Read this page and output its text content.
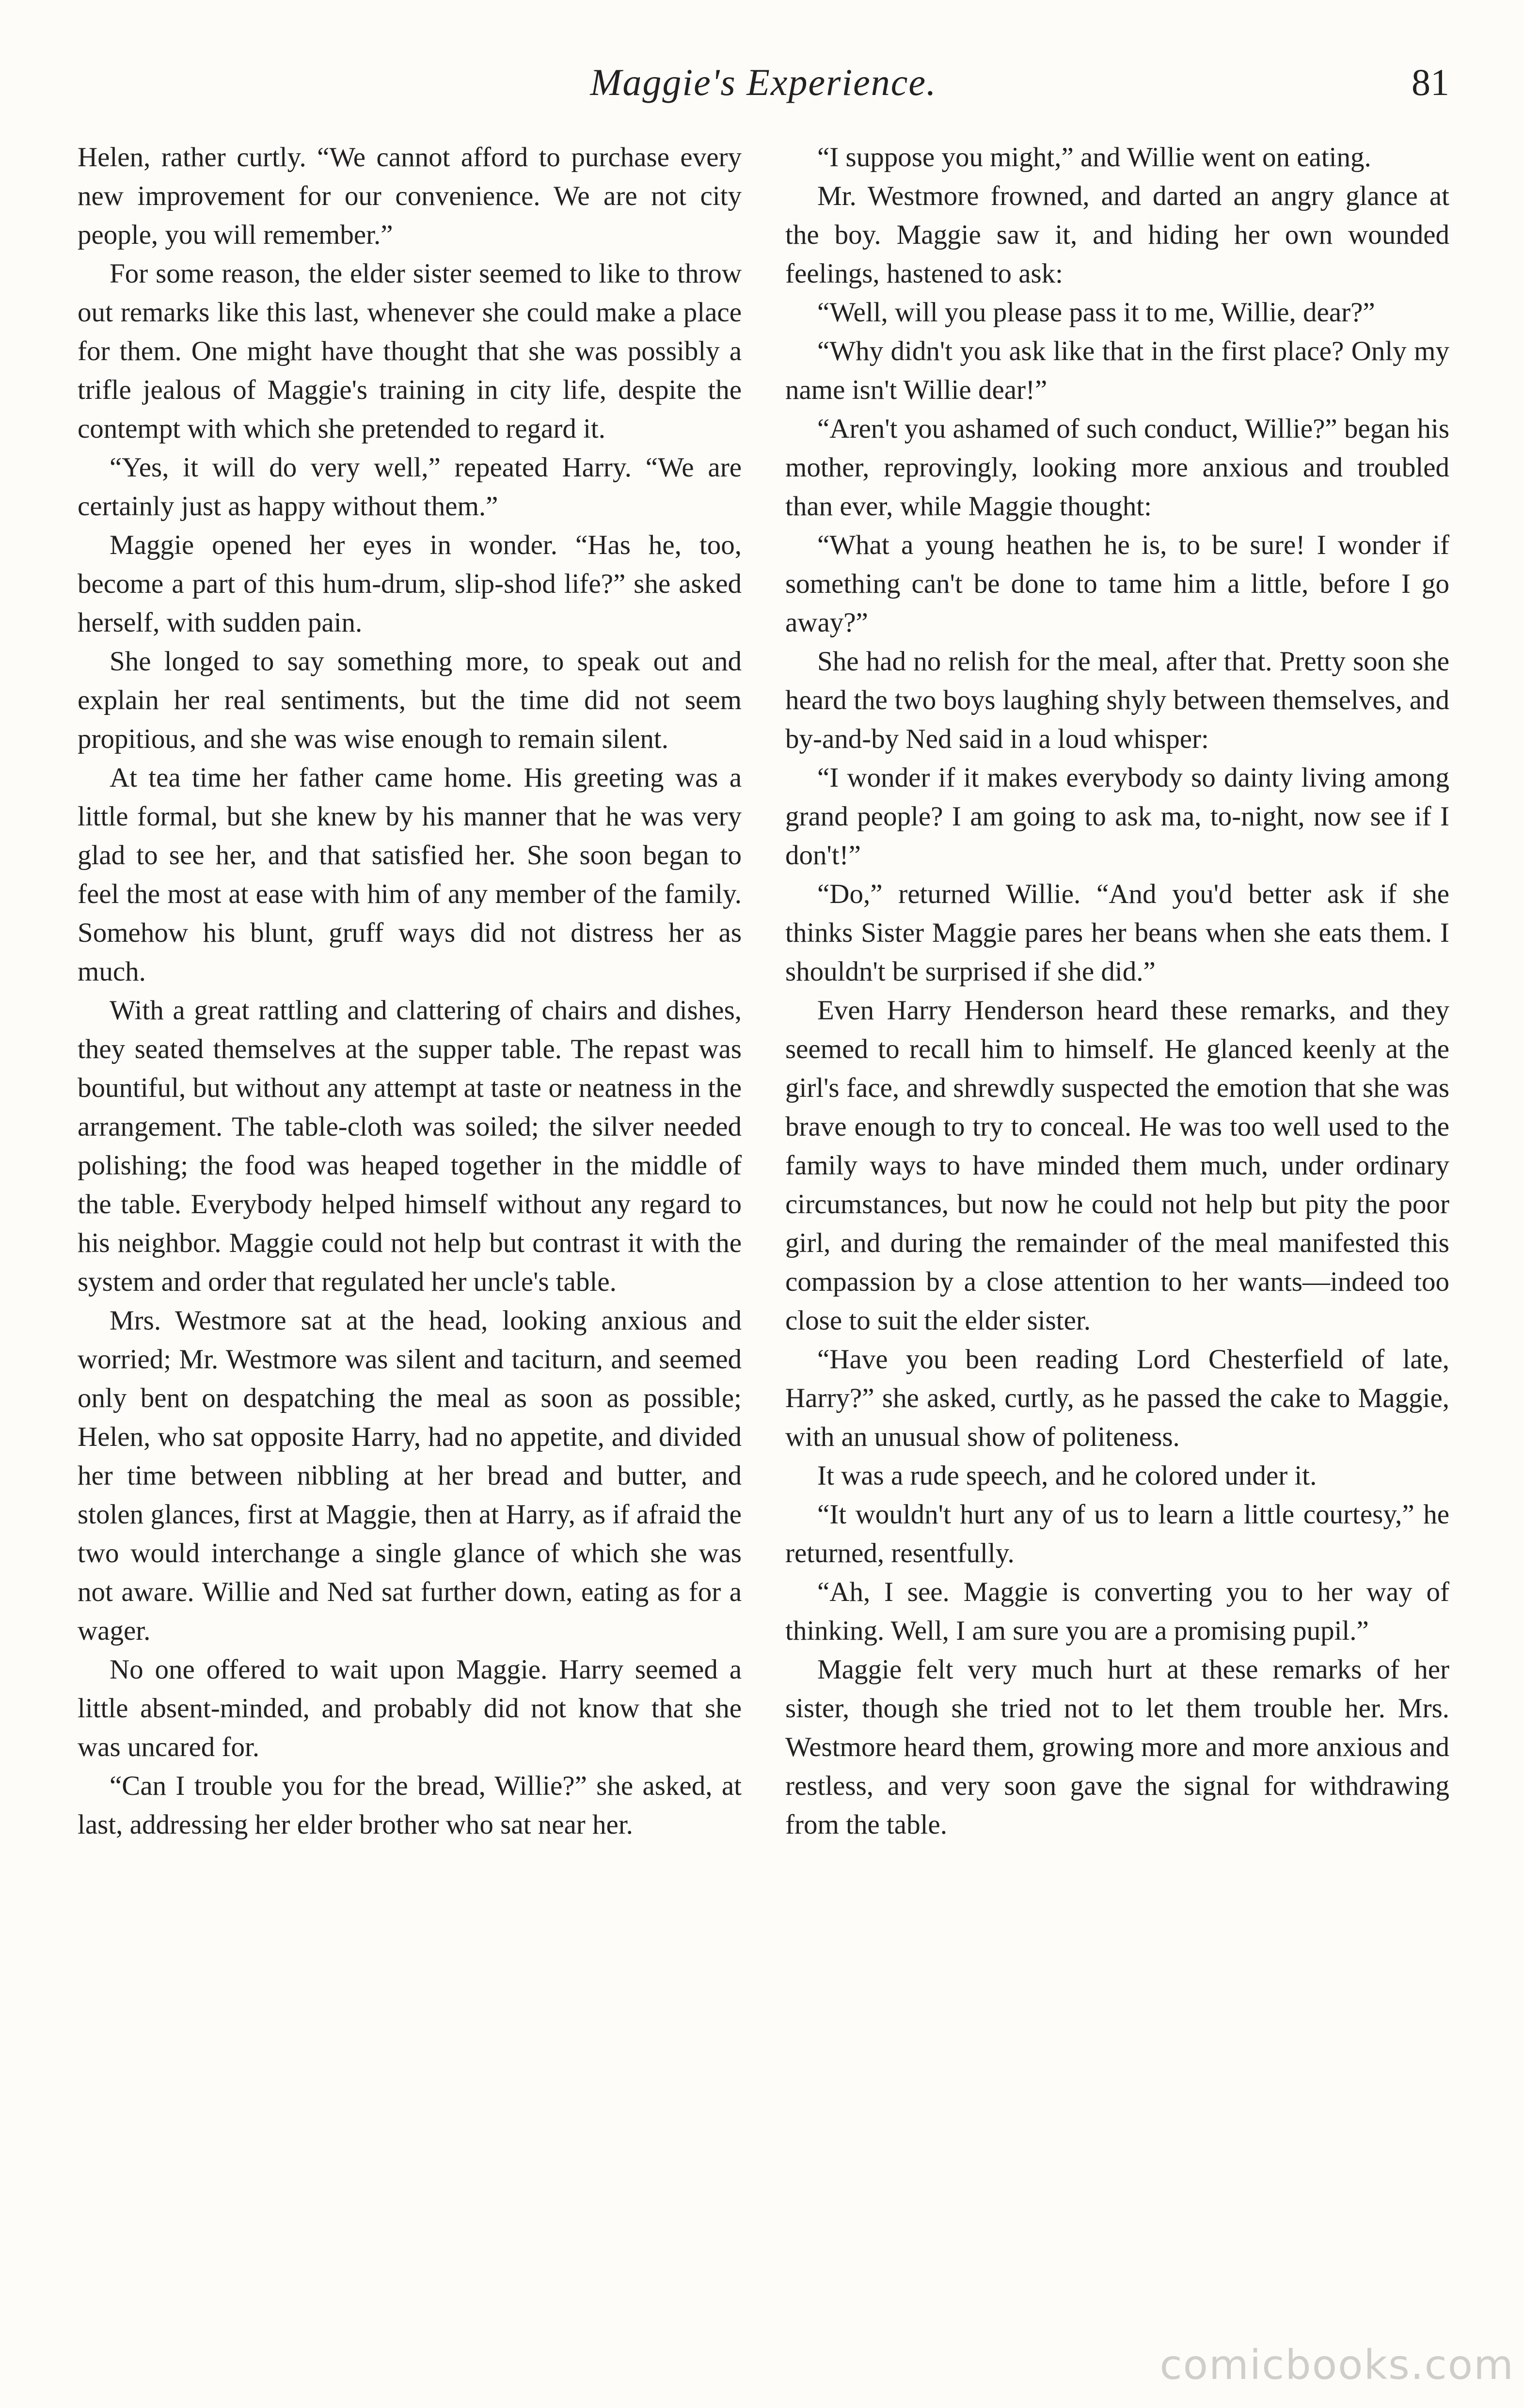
Maggie's Experience.	81

Helen, rather curtly. “We cannot afford to purchase every new improvement for our convenience. We are not city people, you will remember.”

For some reason, the elder sister seemed to like to throw out remarks like this last, whenever she could make a place for them. One might have thought that she was possibly a trifle jealous of Maggie's training in city life, despite the contempt with which she pretended to regard it.

“Yes, it will do very well,” repeated Harry. “We are certainly just as happy without them.”

Maggie opened her eyes in wonder. “Has he, too, become a part of this hum-drum, slip-shod life?” she asked herself, with sudden pain.

She longed to say something more, to speak out and explain her real sentiments, but the time did not seem propitious, and she was wise enough to remain silent.

At tea time her father came home. His greeting was a little formal, but she knew by his manner that he was very glad to see her, and that satisfied her. She soon began to feel the most at ease with him of any member of the family. Somehow his blunt, gruff ways did not distress her as much.

With a great rattling and clattering of chairs and dishes, they seated themselves at the supper table. The repast was bountiful, but without any attempt at taste or neatness in the arrangement. The table-cloth was soiled; the silver needed polishing; the food was heaped together in the middle of the table. Everybody helped himself without any regard to his neighbor. Maggie could not help but contrast it with the system and order that regulated her uncle's table.

Mrs. Westmore sat at the head, looking anxious and worried; Mr. Westmore was silent and taciturn, and seemed only bent on despatching the meal as soon as possible; Helen, who sat opposite Harry, had no appetite, and divided her time between nibbling at her bread and butter, and stolen glances, first at Maggie, then at Harry, as if afraid the two would interchange a single glance of which she was not aware. Willie and Ned sat further down, eating as for a wager.

No one offered to wait upon Maggie. Harry seemed a little absent-minded, and probably did not know that she was uncared for.

“Can I trouble you for the bread, Willie?” she asked, at last, addressing her elder brother who sat near her.

“I suppose you might,” and Willie went on eating.

Mr. Westmore frowned, and darted an angry glance at the boy. Maggie saw it, and hiding her own wounded feelings, hastened to ask:

“Well, will you please pass it to me, Willie, dear?”

“Why didn't you ask like that in the first place? Only my name isn't Willie dear!”

“Aren't you ashamed of such conduct, Willie?” began his mother, reprovingly, looking more anxious and troubled than ever, while Maggie thought:

“What a young heathen he is, to be sure! I wonder if something can't be done to tame him a little, before I go away?”

She had no relish for the meal, after that. Pretty soon she heard the two boys laughing shyly between themselves, and by-and-by Ned said in a loud whisper:

“I wonder if it makes everybody so dainty living among grand people? I am going to ask ma, to-night, now see if I don't!”

“Do,” returned Willie. “And you'd better ask if she thinks Sister Maggie pares her beans when she eats them. I shouldn't be surprised if she did.”

Even Harry Henderson heard these remarks, and they seemed to recall him to himself. He glanced keenly at the girl's face, and shrewdly suspected the emotion that she was brave enough to try to conceal. He was too well used to the family ways to have minded them much, under ordinary circumstances, but now he could not help but pity the poor girl, and during the remainder of the meal manifested this compassion by a close attention to her wants—indeed too close to suit the elder sister.

“Have you been reading Lord Chesterfield of late, Harry?” she asked, curtly, as he passed the cake to Maggie, with an unusual show of politeness.

It was a rude speech, and he colored under it.

“It wouldn't hurt any of us to learn a little courtesy,” he returned, resentfully.

“Ah, I see. Maggie is converting you to her way of thinking. Well, I am sure you are a promising pupil.”

Maggie felt very much hurt at these remarks of her sister, though she tried not to let them trouble her. Mrs. Westmore heard them, growing more and more anxious and restless, and very soon gave the signal for withdrawing from the table.

comicbooks.com
